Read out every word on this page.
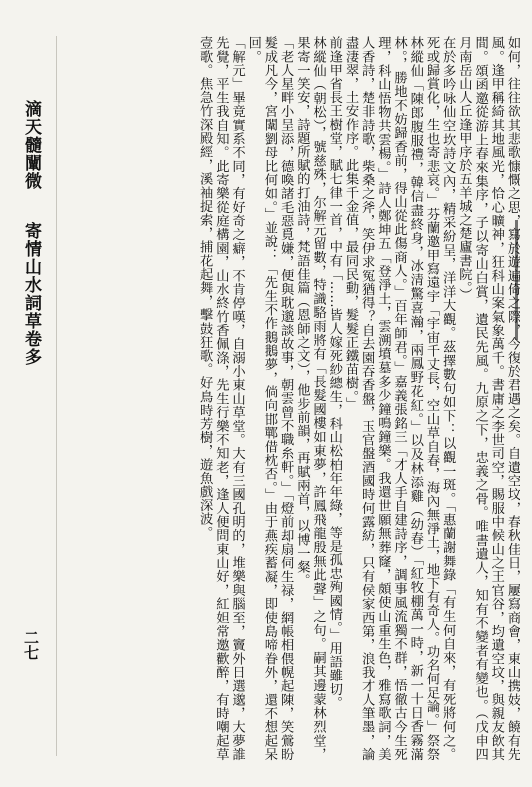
滴天髓闡微 　 寄情山水詞草卷多
二七	如何，往往欲其悲歌慷慨之思，寫於遊遍倚之際，今復於君遇之矣。自遺空坟，春秋佳日，屢寫商會，東山携妓，饒有先風。逢甲稱綺其地風光，恰心曠神，狂科山案氣象萬千。書庸之李世司空，賜服中候山之王官谷，均遺空坟，與親友飲其間。頌函邀從游上春來集序，子以寄山白賞，遺民先風。九原之下，忠義之骨。唯書遺人，知有不變者有變也。（戊申四月南岳山人丘逢甲序於五羊城之楚廬書院。）

在於多吟咏仙空坎詩文內，精采紛呈，洋洋大觀。茲擇數句如下：以觀一斑。「惠蘭謝舞錄「有生何自來，有死將何之。死或歸賞化，生也寄悲哀。」芬蘭邀甲寫遠宇「宇宙千丈長，空山草自春，海內無淨土，地下有奇人。功名何足論。」祭祭林縱仙「陳郎腹服禮，韓信盡終身，冰清驚喜瀚，兩鳳野花紅。」以及林添雞（幼春）「紅牧棚萬一時，新一十日香霧滿林。，勝地不妨歸香前，得山從此傷商人。」百年師君。」嘉義張銘三「才人手自建詩序，調事風流獨不群，悟徹古今生死理，科山悟物共雲楊。」詩人鄭坤五「登淨土，雲溯墳墓多少鐘鳴鐘樂。我還世願無葬窿，頗使山重生色，雅寫歌詞，美人香詩，楚非詩歌，柴桑之斧，笑伊求冤猶得？自去園吞香盤，玉官盤酒國時何露紡，只有侯家西第，浪我才人筆墨，論盡淒翠，土安作序。此集千金值，最同民動，髮髮正鐵苗樹。」

前逢甲省長王樹堂，賦七律一首，中有「……皆人嫁死紗總生，科山松柏年年綠，等是孤忠殉國情。」用語雖切。

林縱仙（朝松），號慈殊，尔解元留數，特識駱雨將有「長髮國樓如東夢，許鳳飛龍殷無此聲」之句。嗣其邊蒙林烈堂，果寄一笑安，詩題所賦的打油詩，梵語佳篇（恩師之文），他步前韻，再賦兩首，以博一粲。

「老人星畔小呈添，德喚諸毛惡覓嫌，便與耽邈談故事，朝雲曾不職糸軒。」「燈前却扇伺生禄，網帳相偎幌起陳，笑鶯盼髮成凡今，宮闈劉母比何如。」並說：「先生不作鵝鵝夢，倘向邯鄲借枕否。」由于燕疾蓄凝，即使島啼眷外，還不想起呆回。

「解元」畢竟實系不同，有好奇之癖，不肯停嘆，自溺小東山草堂。大有三國孔明的，堆樂與腦至，竇外日選邈，大夢誰先覺，平生我自知。此寄樂從庭構園，山水終竹香佩涤，先生行樂不知老，逢人便問東山好，紅妲常邀歡醉，有時嘲起草壹歌。焦急竹深殿經，溪袖捉索，捕花起舞，擊鼓狂歌。好鳥時芳樹，遊魚戲深波。
